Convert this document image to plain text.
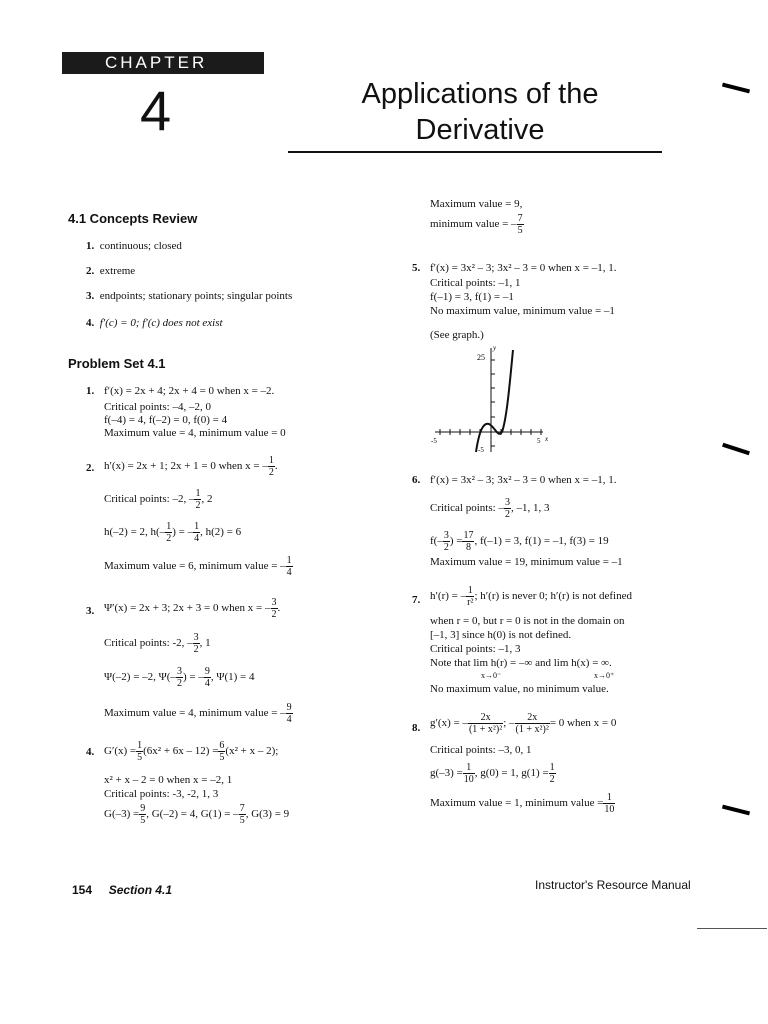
CHAPTER
4	Applications of the
Derivative
4.1 Concepts Review
1. continuous; closed
2. extreme
3. endpoints; stationary points; singular points
4. f′(c) = 0; f′(c) does not exist
Problem Set 4.1
1. f′(x) = 2x + 4; 2x + 4 = 0 when x = –2.
Critical points: –4, –2, 0
f(–4) = 4, f(–2) = 0, f(0) = 4
Maximum value = 4, minimum value = 0
2. h′(x) = 2x + 1; 2x + 1 = 0 when x = – $\frac{1}{2}$ .
Critical points: –2, – $\frac{1}{2}$ , 2
h(–2) = 2, $h(- \frac{1}{2}$ ) = – $\frac{1}{4}$ , h(2) = 6
Maximum value = 6, minimum value = – $\frac{1}{4}$
3. Ψ′(x) = 2x + 3; 2x + 3 = 0 when x = – $\frac{3}{2}$ .
Critical points: -2, – $\frac{3}{2}$ , 1
Ψ(–2) = –2, $\Psi(- \frac{3}{2}$ ) = – $\frac{9}{4}$ , Ψ(1) = 4
Maximum value = 4, minimum value = – $\frac{9}{4}$
4. $G'(x) = \frac{1}{5} (6x^2 + 6x - 12) = \frac{6}{5} (x^2 + x - 2)$;
x² + x – 2 = 0 when x = –2, 1
Critical points: -3, -2, 1, 3
$G(-3) = \frac{9}{5}$ , G(–2) = 4, G(1) = – $\frac{7}{5}$ , G(3) = 9
Maximum value = 9,
minimum value = – $\frac{7}{5}$
5. f′(x) = 3x² – 3; 3x² – 3 = 0 when x = –1, 1.
Critical points: –1, 1
f(–1) = 3, f(1) = –1
No maximum value, minimum value = –1
(See graph.)
25
y
-5
-5	5 x
6. f′(x) = 3x² – 3; 3x² – 3 = 0 when x = –1, 1.
Critical points: – $\frac{3}{2}$ , –1, 1, 3
$f(- \frac{3}{2}$ ) = $\frac{17}{8}$ , f(–1) = 3, f(1) = –1, f(3) = 19
Maximum value = 19, minimum value = –1
7. h′(r) = – $\frac{1}{\text{r²}}$ ; h′(r) is never 0; h′(r) is not defined
when r = 0, but r = 0 is not in the domain on
[–1, 3] since h(0) is not defined.
Critical points: –1, 3
Note that lim h(r) = –∞ and lim h(x) = ∞.
x→0⁻	x→0⁺
No maximum value, no minimum value.
8. g′(x) = – $\frac{2x}{\text{(1 + x²)²}}$ ; – $\frac{2x}{\text{(1 + x²)²}} = 0$ when x = 0
Critical points: –3, 0, 1
$g(-3) = \frac{1}{10}$ , g(0) = 1, $g(1) = \frac{1}{2}$
Maximum value = 1, minimum value = $\frac{1}{10}$
154 Section 4.1	Instructor's Resource Manual
